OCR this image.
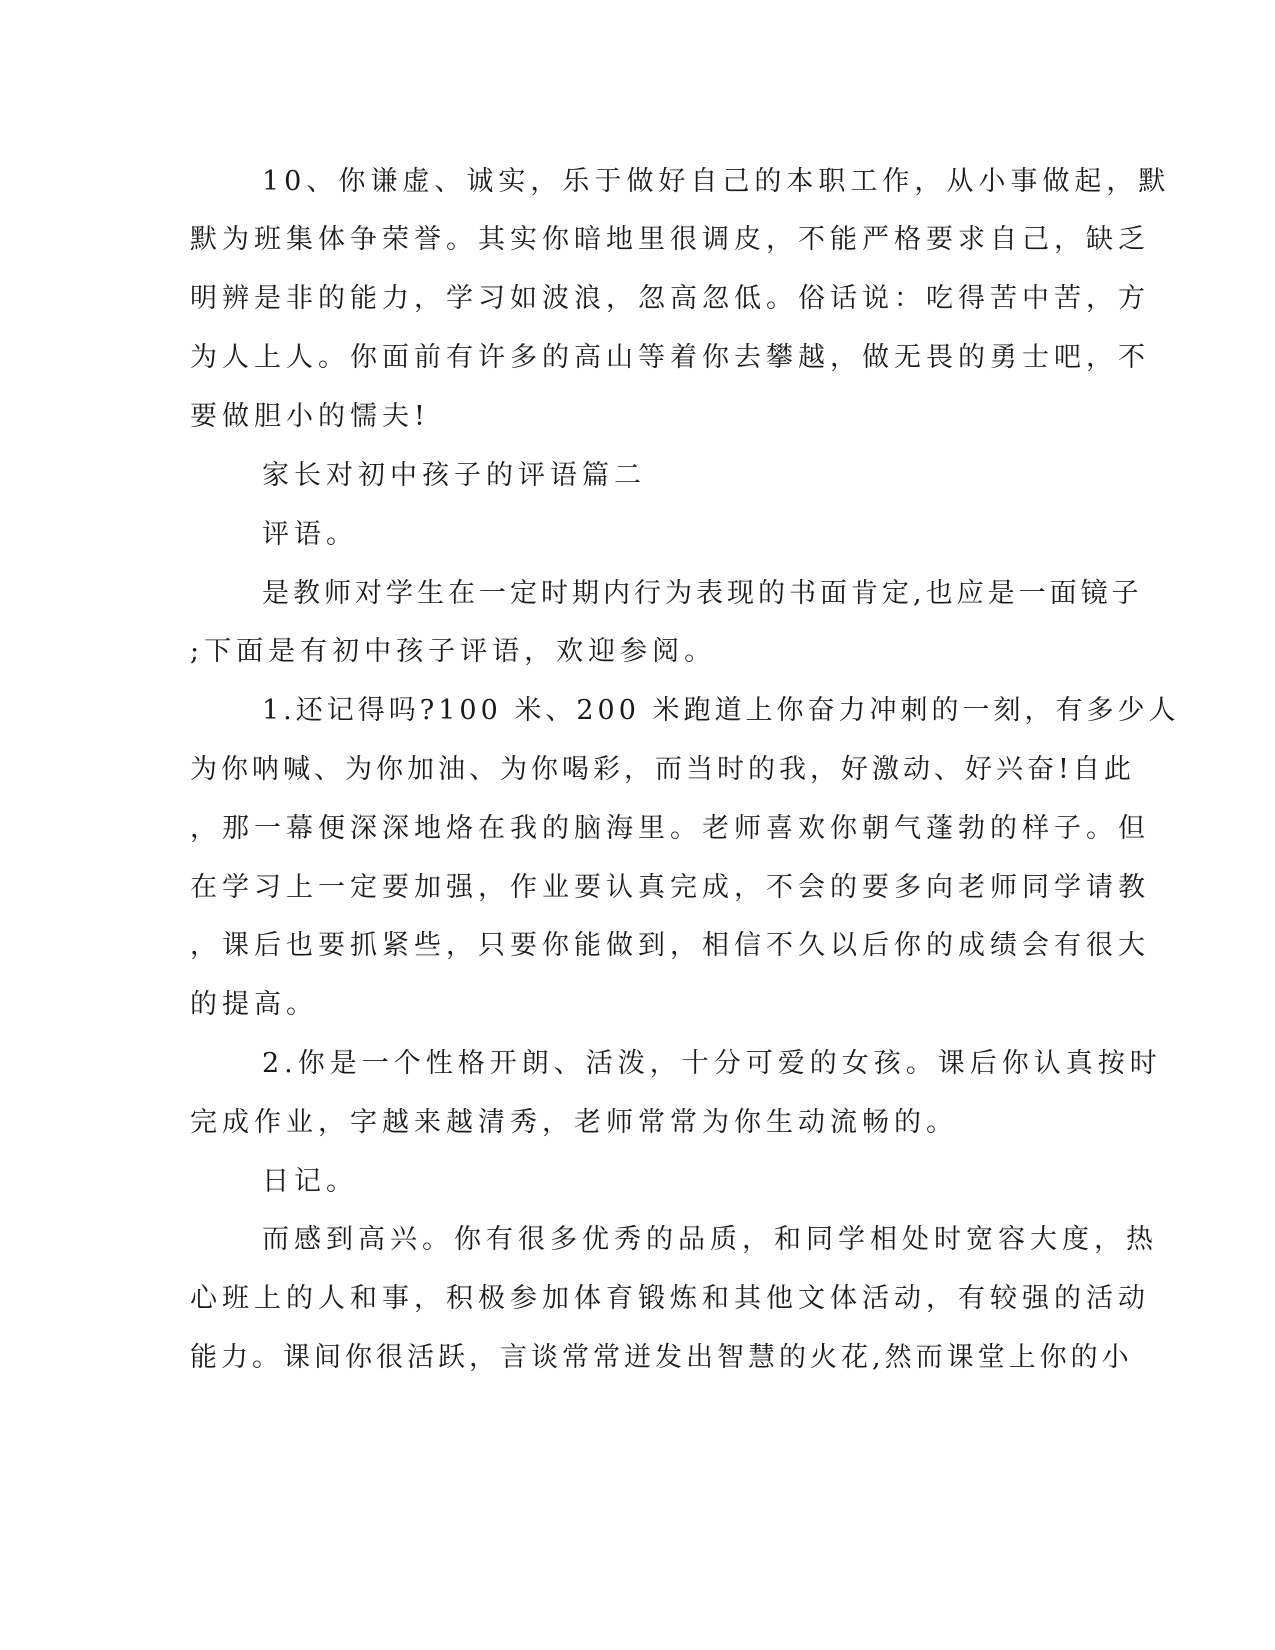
10、你谦虚、诚实，乐于做好自己的本职工作，从小事做起，默
默为班集体争荣誉。其实你暗地里很调皮，不能严格要求自己，缺乏
明辨是非的能力，学习如波浪，忽高忽低。俗话说：吃得苦中苦，方
为人上人。你面前有许多的高山等着你去攀越，做无畏的勇士吧，不
要做胆小的懦夫!
家长对初中孩子的评语篇二
评语。
是教师对学生在一定时期内行为表现的书面肯定,也应是一面镜子
;下面是有初中孩子评语，欢迎参阅。
1.还记得吗?100 米、200 米跑道上你奋力冲刺的一刻，有多少人
为你呐喊、为你加油、为你喝彩，而当时的我，好激动、好兴奋!自此
，那一幕便深深地烙在我的脑海里。老师喜欢你朝气蓬勃的样子。但
在学习上一定要加强，作业要认真完成，不会的要多向老师同学请教
，课后也要抓紧些，只要你能做到，相信不久以后你的成绩会有很大
的提高。
2.你是一个性格开朗、活泼，十分可爱的女孩。课后你认真按时
完成作业，字越来越清秀，老师常常为你生动流畅的。
日记。
而感到高兴。你有很多优秀的品质，和同学相处时宽容大度，热
心班上的人和事，积极参加体育锻炼和其他文体活动，有较强的活动
能力。课间你很活跃，言谈常常迸发出智慧的火花,然而课堂上你的小
